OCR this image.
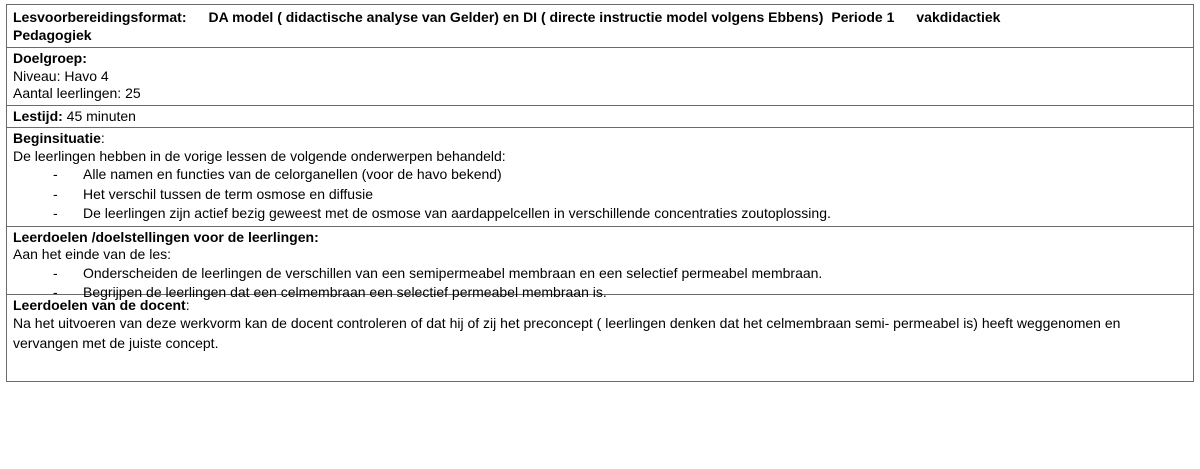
Lesvoorbereidingsformat: DA model ( didactische analyse van Gelder) en DI ( directe instructie model volgens Ebbens) Periode 1 vakdidactiek
Pedagogiek
Doelgroep:
Niveau: Havo 4
Aantal leerlingen: 25
Lestijd: 45 minuten
Beginsituatie:
De leerlingen hebben in de vorige lessen de volgende onderwerpen behandeld:
- Alle namen en functies van de celorganellen (voor de havo bekend)
- Het verschil tussen de term osmose en diffusie
- De leerlingen zijn actief bezig geweest met de osmose van aardappelcellen in verschillende concentraties zoutoplossing.
Leerdoelen /doelstellingen voor de leerlingen:
Aan het einde van de les:
- Onderscheiden de leerlingen de verschillen van een semipermeabel membraan en een selectief permeabel membraan.
- Begrijpen de leerlingen dat een celmembraan een selectief permeabel membraan is.
Leerdoelen van de docent:
Na het uitvoeren van deze werkvorm kan de docent controleren of dat hij of zij het preconcept ( leerlingen denken dat het celmembraan semi- permeabel is) heeft weggenomen en vervangen met de juiste concept.
